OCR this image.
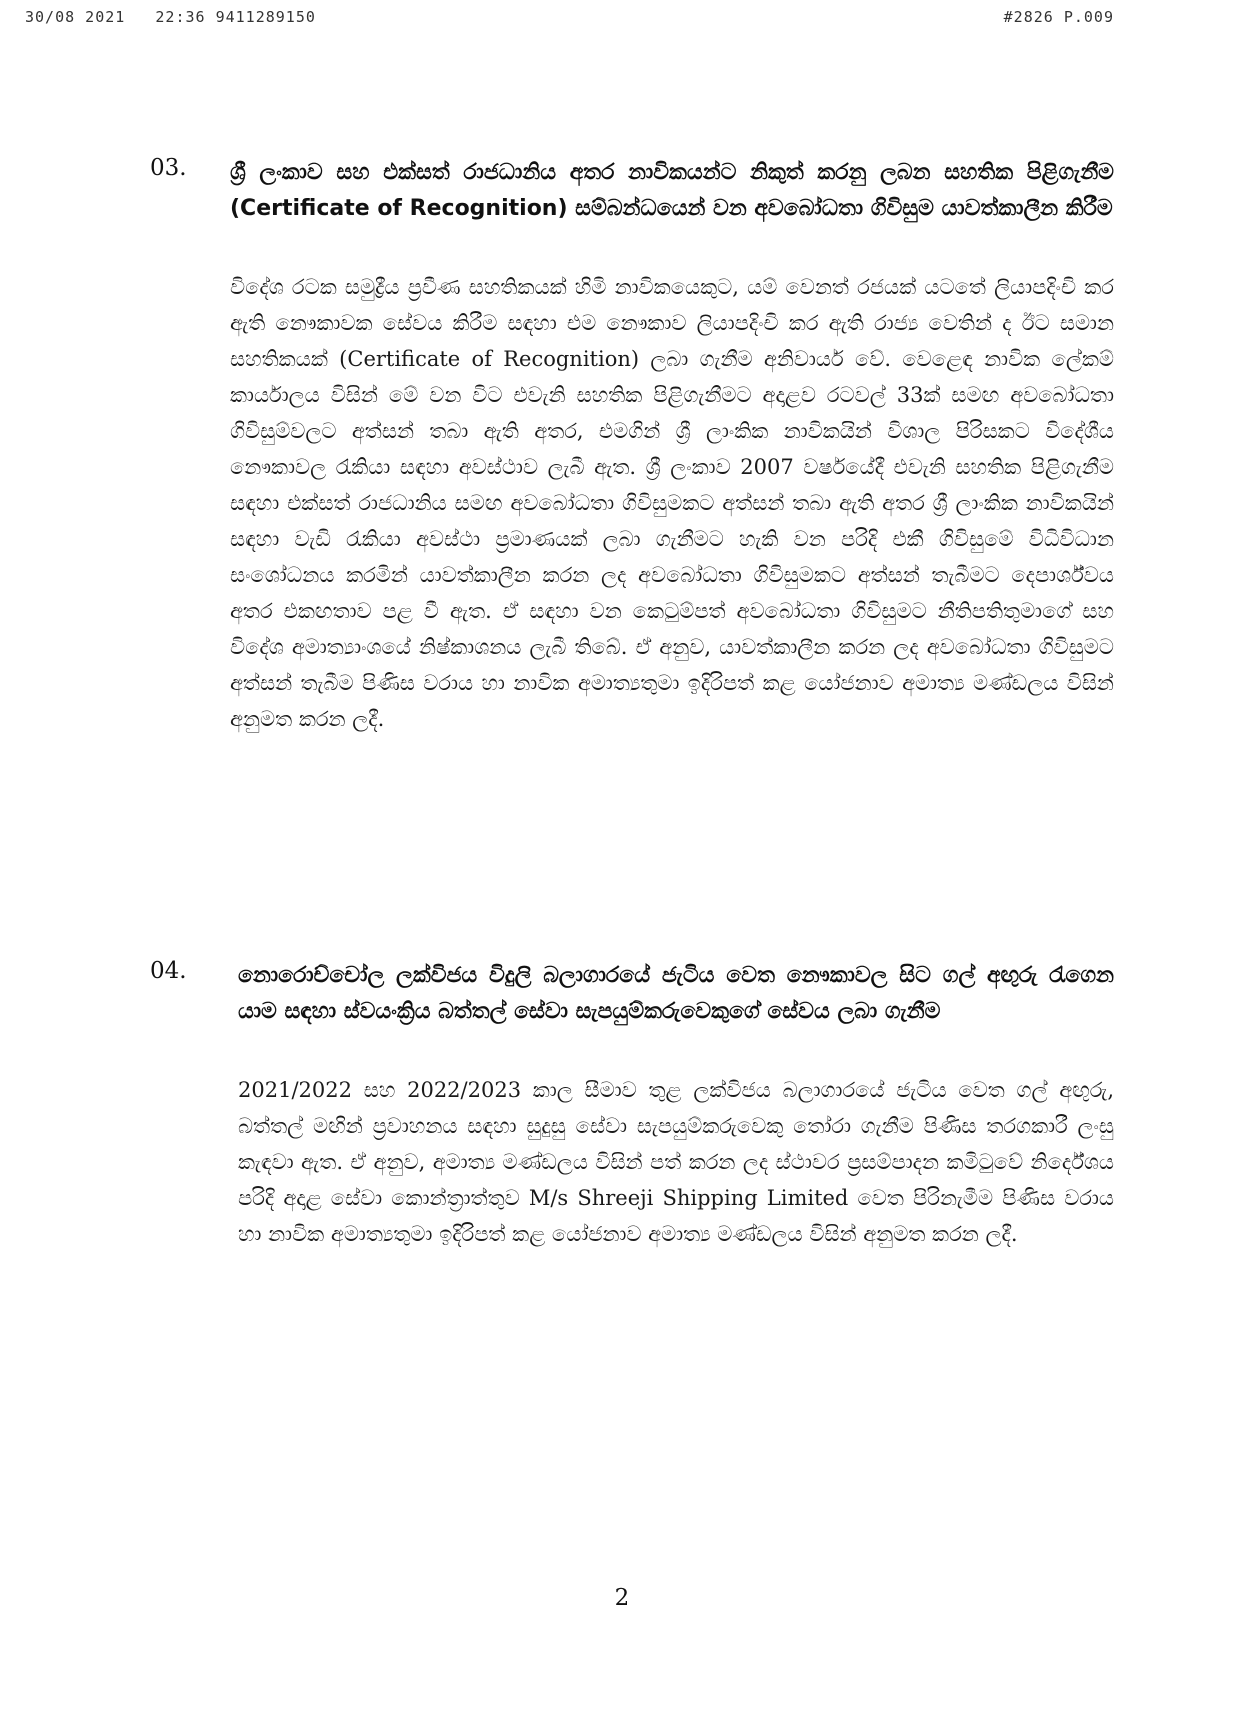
30/08 2021   22:36 9411289150	#2826 P.009
03. ශ්‍රී ලංකාව සහ එක්සත් රාජධානිය අතර නාවිකයන්ට නිකුත් කරනු ලබන සහතික පිළිගැනීම (Certificate of Recognition) සම්බන්ධයෙන් වන අවබෝධතා ගිවිසුම යාවත්කාලීන කිරීම
විදේශ රටක සමුද්‍රීය ප්‍රවීණ සහතිකයක් හිමි නාවිකයෙකුට, යම් වෙනත් රජයක් යටතේ ලියාපදිංචි කර ඇති නෞකාවක සේවය කිරීම සඳහා එම නෞකාව ලියාපදිංචි කර ඇති රාජ්‍ය වෙතින් ද ඊට සමාන සහතිකයක් (Certificate of Recognition) ලබා ගැනීම අනිවාර්ය වේ. වෙළෙඳ නාවික ලේකම් කාර්යාලය විසින් මේ වන විට එවැනි සහතික පිළිගැනීමට අදාළව රටවල් 33ක් සමඟ අවබෝධතා ගිවිසුම්වලට අත්සන් තබා ඇති අතර, එමගින් ශ්‍රී ලාංකික නාවිකයින් විශාල පිරිසකට විදේශීය නෞකාවල රැකියා සඳහා අවස්ථාව ලැබී ඇත. ශ්‍රී ලංකාව 2007 වර්ෂයේදී එවැනි සහතික පිළිගැනීම සඳහා එක්සත් රාජධානිය සමඟ අවබෝධතා ගිවිසුමකට අත්සන් තබා ඇති අතර ශ්‍රී ලාංකික නාවිකයින් සඳහා වැඩි රැකියා අවස්ථා ප්‍රමාණයක් ලබා ගැනීමට හැකි වන පරිදි එකී ගිවිසුමේ විධිවිධාන සංශෝධනය කරමින් යාවත්කාලීන කරන ලද අවබෝධතා ගිවිසුමකට අත්සන් තැබීමට දෙපාර්ශ්වය අතර එකඟතාව පළ වී ඇත. ඒ සඳහා වන කෙටුම්පත් අවබෝධතා ගිවිසුමට නීතිපතිතුමාගේ සහ විදේශ අමාත්‍යාංශයේ නිෂ්කාශනය ලැබී තිබේ. ඒ අනුව, යාවත්කාලීන කරන ලද අවබෝධතා ගිවිසුමට අත්සන් තැබීම පිණිස වරාය හා නාවික අමාත්‍යතුමා ඉදිරිපත් කළ යෝජනාව අමාත්‍ය මණ්ඩලය විසින් අනුමත කරන ලදී.
04. නොරොච්චෝල ලක්විජය විදුලි බලාගාරයේ ජැටිය වෙත නෞකාවල සිට ගල් අඟුරු රැගෙන යාම සඳහා ස්වයංක්‍රිය බත්තල් සේවා සැපයුම්කරුවෙකුගේ සේවය ලබා ගැනීම
2021/2022 සහ 2022/2023 කාල සීමාව තුළ ලක්විජය බලාගාරයේ ජැටිය වෙත ගල් අඟුරු, බත්තල් මඟින් ප්‍රවාහනය සඳහා සුදුසු සේවා සැපයුම්කරුවෙකු තෝරා ගැනීම පිණිස තරගකාරී ලංසු කැඳවා ඇත. ඒ අනුව, අමාත්‍ය මණ්ඩලය විසින් පත් කරන ලද ස්ථාවර ප්‍රසම්පාදන කමිටුවේ නිර්දේශය පරිදි අදාළ සේවා කොන්ත්‍රාත්තුව M/s Shreeji Shipping Limited වෙත පිරිනැමීම පිණිස වරාය හා නාවික අමාත්‍යතුමා ඉදිරිපත් කළ යෝජනාව අමාත්‍ය මණ්ඩලය විසින් අනුමත කරන ලදී.
2
